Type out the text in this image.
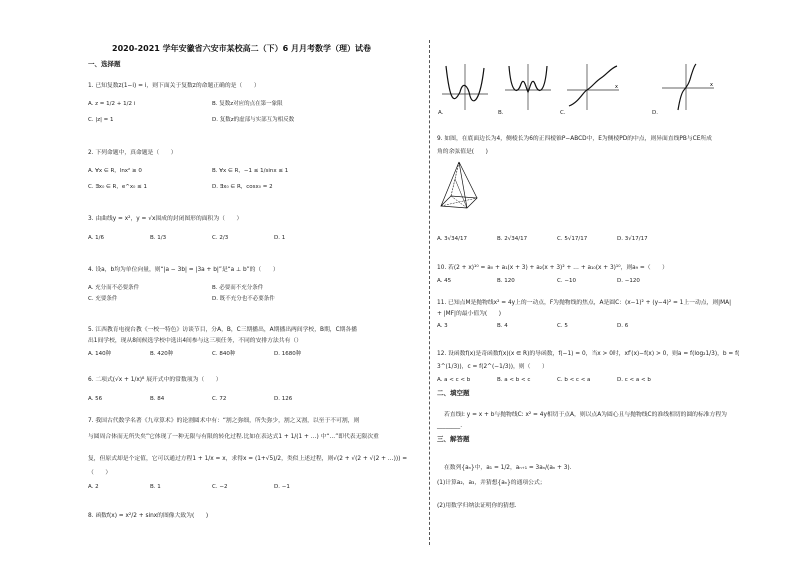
2020-2021 学年安徽省六安市某校高二（下）6 月月考数学（理）试卷
一、选择题
1. 已知复数z(1−i) = i，则下面关于复数z的命题正确的是（　　）
A. z = 1/2 + 1/2 i	B. 复数z对应的点在第一象限
C. |z| = 1	D. 复数z的虚部与实部互为相反数
2. 下列命题中，真命题是（　　）
A. ∀x ∈ R，lnx² ≥ 0	B. ∀x ∈ R，−1 ≤ 1/sinx ≤ 1
C. ∃x₀ ∈ R，e^x₀ ≤ 1	D. ∃x₀ ∈ R，cosx₀ = 2
3. 由曲线y = x²，y = √x围成的封闭图形的面积为（　　）
A. 1/6	B. 1/3	C. 2/3	D. 1
4. 设a，b均为单位向量，则“|a − 3b| = |3a + b|”是“a ⊥ b”的（　　）
A. 充分而不必要条件	B. 必要而不充分条件
C. 充要条件	D. 既不充分也不必要条件
5. 江西教育电视台教《一校一特色》访谈节目，分A，B，C三期播出，A期播出两间学校，B期，C期各播
出1间学校，现从8间候选学校中选出4间参与这三项任务，不同的安排方法共有（）
A. 140种	B. 420种	C. 840种	D. 1680种
6. 二项式(√x + 1/x)⁸ 展开式中的常数项为（　　）
A. 56	B. 84	C. 72	D. 126
7. 我国古代数学名著《九章算术》的论割圆术中有：“割之弥细，所失弥少，割之又割，以至于不可割，则
与圆周合体而无所失矣”它体现了一种无限与有限的转化过程.比如在表达式1 + 1/(1 + …) 中“…”即代表无限次重
复，但原式却是个定值，它可以通过方程1 + 1/x = x，求得x = (1+√5)/2，类似上述过程，则√(2 + √(2 + √(2 + …))) =
（　　）
A. 2	B. 1	C. −2	D. −1
8. 函数f(x) = x²/2 + sinx的图像大致为(　　)
A.	B.
x
C.
x
D.
9. 如图，在底面边长为4，侧棱长为6的正四棱锥P−ABCD中，E为侧棱PD的中点，则异面直线PB与CE所成
角的余弦值是(　　)
A. 3√34/17	B. 2√34/17	C. 5√17/17	D. 3√17/17
10. 若(2 + x)¹⁰ = a₀ + a₁(x + 3) + a₂(x + 3)² + … + a₁₀(x + 3)¹⁰，则a₉ =（　　）
A. 45	B. 120	C. −10	D. −120
11. 已知点M是抛物线x² = 4y上的一动点，F为抛物线的焦点，A是圆C：(x−1)² + (y−4)² = 1上一动点，则|MA|
+ |MF|的最小值为(　　)
A. 3	B. 4	C. 5	D. 6
12. 设函数f(x)是奇函数f(x)(x ∈ R)的导函数，f(−1) = 0，当x > 0时，xf′(x)−f(x) > 0，则a = f(log₂1/3)，b = f(
3^(1/3))，c = f(2^(−1/3))，则（　　）
A. a < c < b	B. a < b < c	C. b < c < a	D. c < a < b
二、填空题
若直线l: y = x + b与抛物线C: x² = 4y相切于点A，则以点A为圆心且与抛物线C的准线相切的圆的标准方程为
________.
三、解答题
在数列{aₙ}中，a₁ = 1/2，aₙ₊₁ = 3aₙ/(aₙ + 3).
(1)计算a₂，a₃，并猜想{aₙ}的通项公式；
(2)用数学归纳法证明你的猜想.
